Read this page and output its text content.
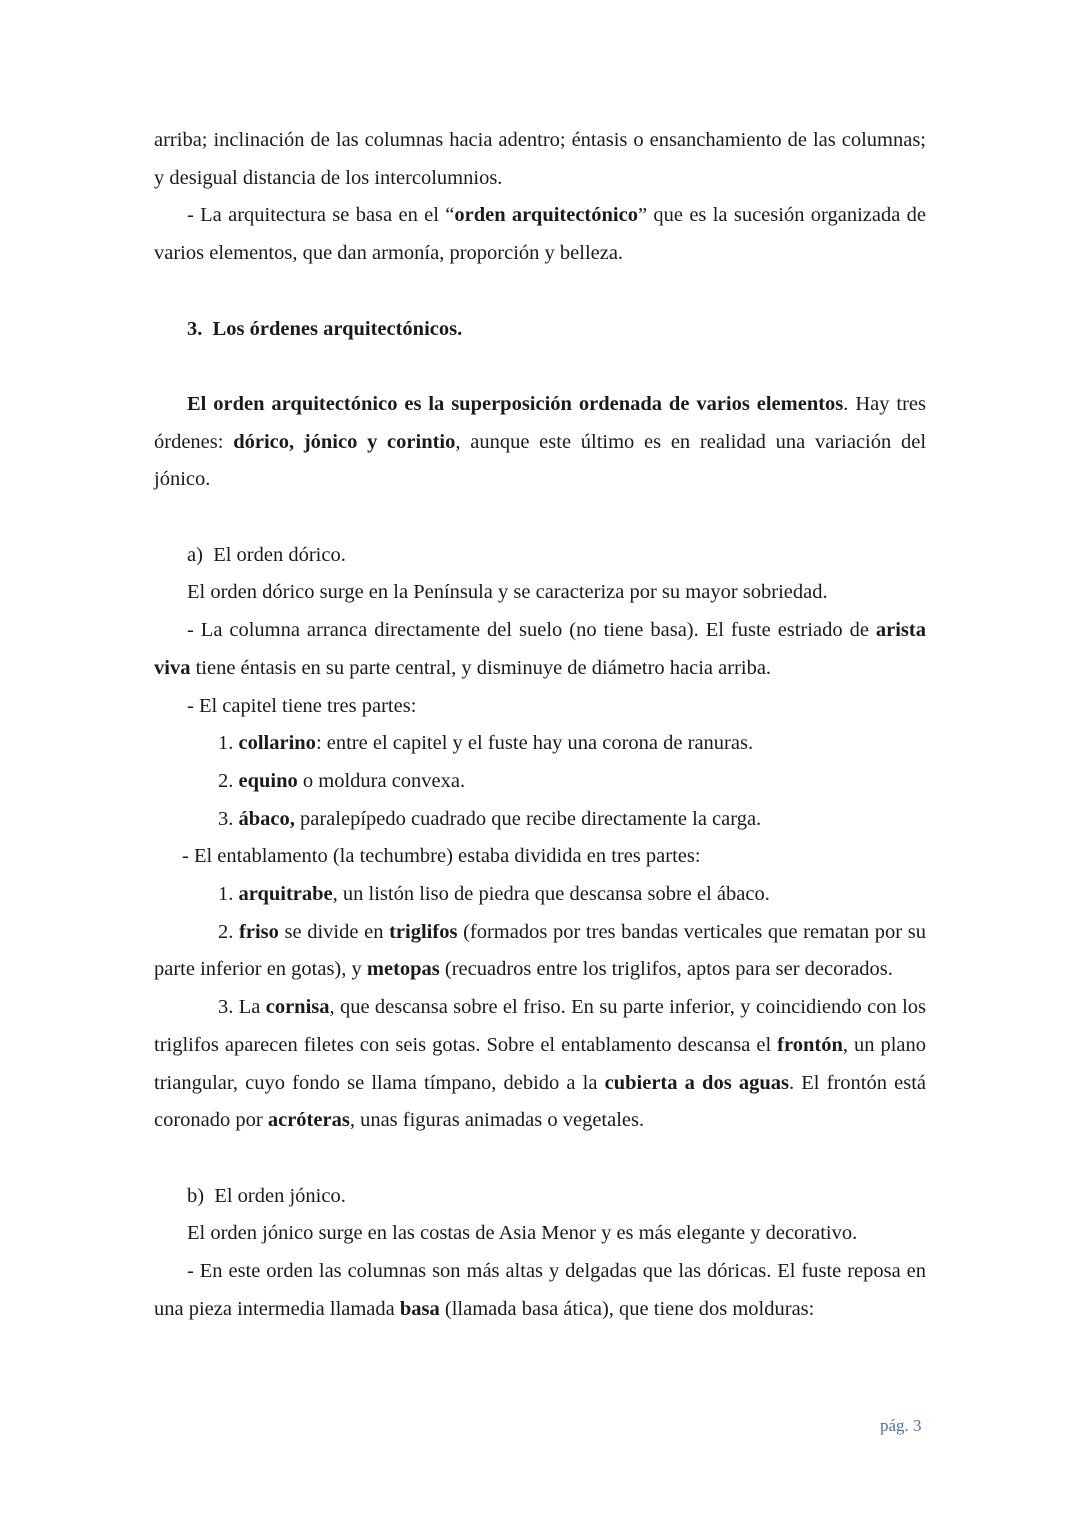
arriba; inclinación de las columnas hacia adentro; éntasis o ensanchamiento de las columnas; y desigual distancia de los intercolumnios.

- La arquitectura se basa en el “orden arquitectónico” que es la sucesión organizada de varios elementos, que dan armonía, proporción y belleza.

3. Los órdenes arquitectónicos.

El orden arquitectónico es la superposición ordenada de varios elementos. Hay tres órdenes: dórico, jónico y corintio, aunque este último es en realidad una variación del jónico.

a) El orden dórico.

El orden dórico surge en la Península y se caracteriza por su mayor sobriedad.

- La columna arranca directamente del suelo (no tiene basa). El fuste estriado de arista viva tiene éntasis en su parte central, y disminuye de diámetro hacia arriba.

- El capitel tiene tres partes:

1. collarino: entre el capitel y el fuste hay una corona de ranuras.

2. equino o moldura convexa.

3. ábaco, paralepípedo cuadrado que recibe directamente la carga.

- El entablamento (la techumbre) estaba dividida en tres partes:

1. arquitrabe, un listón liso de piedra que descansa sobre el ábaco.

2. friso se divide en triglifos (formados por tres bandas verticales que rematan por su parte inferior en gotas), y metopas (recuadros entre los triglifos, aptos para ser decorados.

3. La cornisa, que descansa sobre el friso. En su parte inferior, y coincidiendo con los triglifos aparecen filetes con seis gotas. Sobre el entablamento descansa el frontón, un plano triangular, cuyo fondo se llama tímpano, debido a la cubierta a dos aguas. El frontón está coronado por acróteras, unas figuras animadas o vegetales.

b) El orden jónico.

El orden jónico surge en las costas de Asia Menor y es más elegante y decorativo.

- En este orden las columnas son más altas y delgadas que las dóricas. El fuste reposa en una pieza intermedia llamada basa (llamada basa ática), que tiene dos molduras:

pág. 3
